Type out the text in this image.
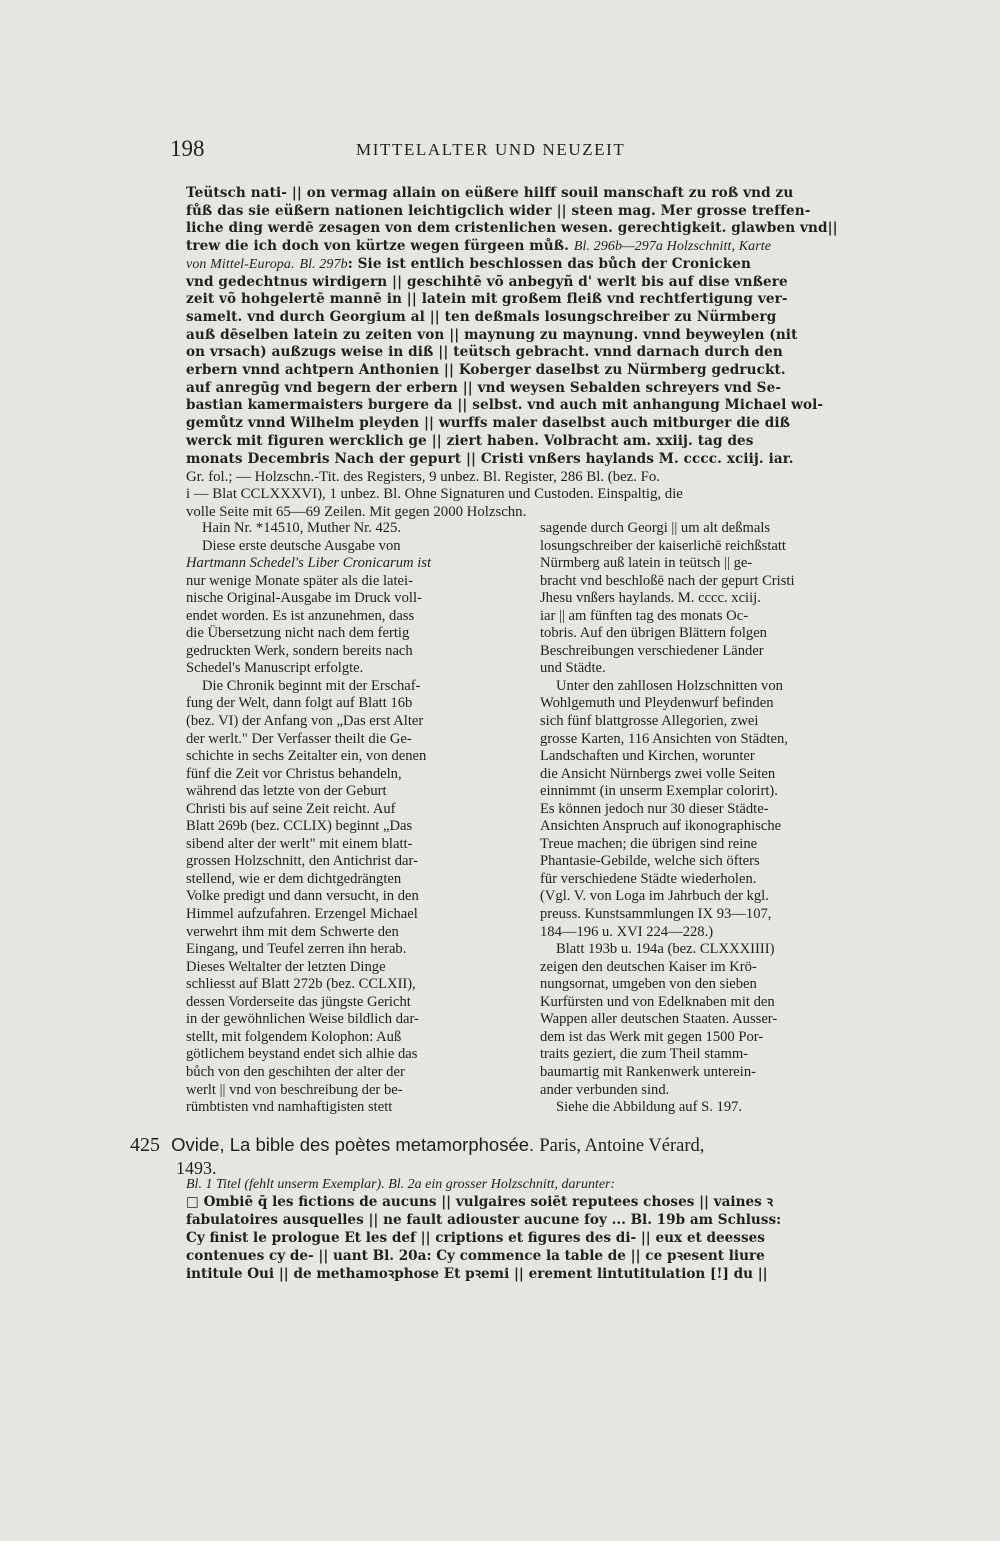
198	MITTELALTER UND NEUZEIT

Teütsch nati- || on vermag allain on eüßere hilff souil manschaft zu roß vnd zu

fůß das sie eüßern nationen leichtigclich wider || steen mag. Mer grosse treffen-

liche ding werdē zesagen von dem cristenlichen wesen. gerechtigkeit. glawben vnd||

trew die ich doch von kürtze wegen fürgeen můß. Bl. 296b—297a Holzschnitt, Karte

von Mittel-Europa. Bl. 297b: Sie ist entlich beschlossen das bůch der Cronicken

vnd gedechtnus wirdigern || geschihtē võ anbegyñ d' werlt bis auf dise vnßere

zeit võ hohgelertē mannē in || latein mit großem fleiß vnd rechtfertigung ver-

samelt. vnd durch Georgium al || ten deßmals losungschreiber zu Nürmberg

auß dēselben latein zu zeiten von || maynung zu maynung. vnnd beyweylen (nit

on vrsach) außzugs weise in diß || teütsch gebracht. vnnd darnach durch den

erbern vnnd achtpern Anthonien || Koberger daselbst zu Nürmberg gedruckt.

auf anregūg vnd begern der erbern || vnd weysen Sebalden schreyers vnd Se-

bastian kamermaisters burgere da || selbst. vnd auch mit anhangung Michael wol-

gemůtz vnnd Wilhelm pleyden || wurffs maler daselbst auch mitburger die diß

werck mit figuren wercklich ge || ziert haben. Volbracht am. xxiij. tag des

monats Decembris Nach der gepurt || Cristi vnßers haylands M. cccc. xciij. iar.

Gr. fol.; — Holzschn.-Tit. des Registers, 9 unbez. Bl. Register, 286 Bl. (bez. Fo.

i — Blat CCLXXXVI), 1 unbez. Bl. Ohne Signaturen und Custoden. Einspaltig, die

volle Seite mit 65—69 Zeilen. Mit gegen 2000 Holzschn.

Hain Nr. *14510, Muther Nr. 425.

Diese erste deutsche Ausgabe von

Hartmann Schedel's Liber Cronicarum ist

nur wenige Monate später als die latei-

nische Original-Ausgabe im Druck voll-

endet worden. Es ist anzunehmen, dass

die Übersetzung nicht nach dem fertig

gedruckten Werk, sondern bereits nach

Schedel's Manuscript erfolgte.

Die Chronik beginnt mit der Erschaf-

fung der Welt, dann folgt auf Blatt 16b

(bez. VI) der Anfang von „Das erst Alter

der werlt." Der Verfasser theilt die Ge-

schichte in sechs Zeitalter ein, von denen

fünf die Zeit vor Christus behandeln,

während das letzte von der Geburt

Christi bis auf seine Zeit reicht. Auf

Blatt 269b (bez. CCLIX) beginnt „Das

sibend alter der werlt" mit einem blatt-

grossen Holzschnitt, den Antichrist dar-

stellend, wie er dem dichtgedrängten

Volke predigt und dann versucht, in den

Himmel aufzufahren. Erzengel Michael

verwehrt ihm mit dem Schwerte den

Eingang, und Teufel zerren ihn herab.

Dieses Weltalter der letzten Dinge

schliesst auf Blatt 272b (bez. CCLXII),

dessen Vorderseite das jüngste Gericht

in der gewöhnlichen Weise bildlich dar-

stellt, mit folgendem Kolophon: Auß

götlichem beystand endet sich alhie das

bůch von den geschihten der alter der

werlt || vnd von beschreibung der be-

rümbtisten vnd namhaftigisten stett

sagende durch Georgi || um alt deßmals

losungschreiber der kaiserlichē reichßstatt

Nürmberg auß latein in teütsch || ge-

bracht vnd beschloßē nach der gepurt Cristi

Jhesu vnßers haylands. M. cccc. xciij.

iar || am fünften tag des monats Oc-

tobris. Auf den übrigen Blättern folgen

Beschreibungen verschiedener Länder

und Städte.

Unter den zahllosen Holzschnitten von

Wohlgemuth und Pleydenwurf befinden

sich fünf blattgrosse Allegorien, zwei

grosse Karten, 116 Ansichten von Städten,

Landschaften und Kirchen, worunter

die Ansicht Nürnbergs zwei volle Seiten

einnimmt (in unserm Exemplar colorirt).

Es können jedoch nur 30 dieser Städte-

Ansichten Anspruch auf ikonographische

Treue machen; die übrigen sind reine

Phantasie-Gebilde, welche sich öfters

für verschiedene Städte wiederholen.

(Vgl. V. von Loga im Jahrbuch der kgl.

preuss. Kunstsammlungen IX 93—107,

184—196 u. XVI 224—228.)

Blatt 193b u. 194a (bez. CLXXXIIII)

zeigen den deutschen Kaiser im Krö-

nungsornat, umgeben von den sieben

Kurfürsten und von Edelknaben mit den

Wappen aller deutschen Staaten. Ausser-

dem ist das Werk mit gegen 1500 Por-

traits geziert, die zum Theil stamm-

baumartig mit Rankenwerk unterein-

ander verbunden sind.

Siehe die Abbildung auf S. 197.

425 Ovide, La bible des poètes metamorphosée. Paris, Antoine Vérard,
1493.

Bl. 1 Titel (fehlt unserm Exemplar). Bl. 2a ein grosser Holzschnitt, darunter:

□ Ombiē q̄ les fictions de aucuns || vulgaires soiēt reputees choses || vaines ꝛ

fabulatoires ausquelles || ne fault adiouster aucune foy ... Bl. 19b am Schluss:

Cy finist le prologue Et les def || criptions et figures des di- || eux et deesses

contenues cy de- || uant Bl. 20a: Cy commence la table de || ce pꝛesent liure

intitule Oui || de methamoꝛphose Et pꝛemi || erement lintutitulation [!] du ||
